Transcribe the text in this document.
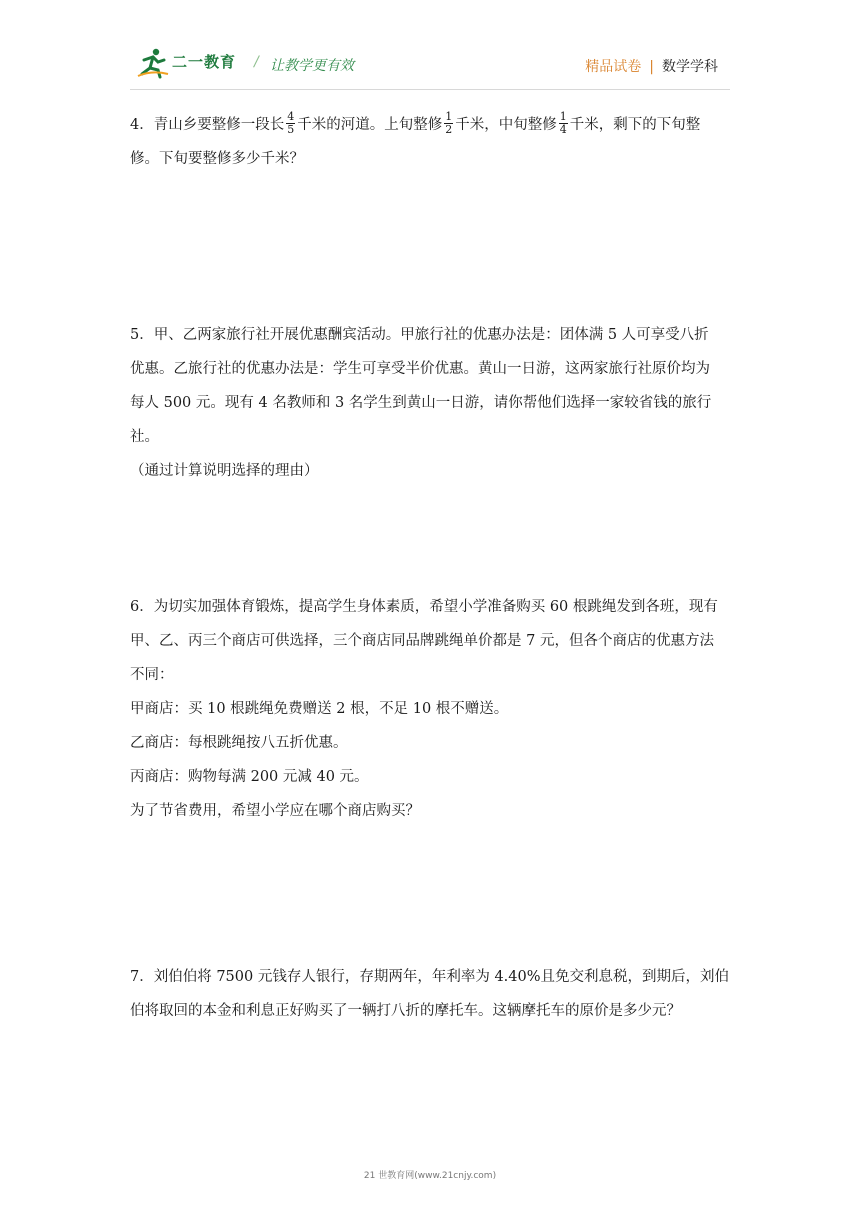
二一教育 / 让教学更有效	精品试卷 | 数学学科

4．青山乡要整修一段长 $\frac{4}{5}$ 千米的河道。上旬整修 $\frac{1}{2}$ 千米，中旬整修 $\frac{1}{4}$ 千米，剩下的下旬整

修。下旬要整修多少千米？

5．甲、乙两家旅行社开展优惠酬宾活动。甲旅行社的优惠办法是：团体满 5 人可享受八折

优惠。乙旅行社的优惠办法是：学生可享受半价优惠。黄山一日游，这两家旅行社原价均为

每人 500 元。现有 4 名教师和 3 名学生到黄山一日游，请你帮他们选择一家较省钱的旅行社。

（通过计算说明选择的理由）

6．为切实加强体育锻炼，提高学生身体素质，希望小学准备购买 60 根跳绳发到各班，现有

甲、乙、丙三个商店可供选择，三个商店同品牌跳绳单价都是 7 元，但各个商店的优惠方法

不同：

甲商店：买 10 根跳绳免费赠送 2 根，不足 10 根不赠送。

乙商店：每根跳绳按八五折优惠。

丙商店：购物每满 200 元减 40 元。

为了节省费用，希望小学应在哪个商店购买？

7．刘伯伯将 7500 元钱存人银行，存期两年，年利率为 4.40%且免交利息税，到期后，刘伯

伯将取回的本金和利息正好购买了一辆打八折的摩托车。这辆摩托车的原价是多少元？

21 世教育网(www.21cnjy.com)
